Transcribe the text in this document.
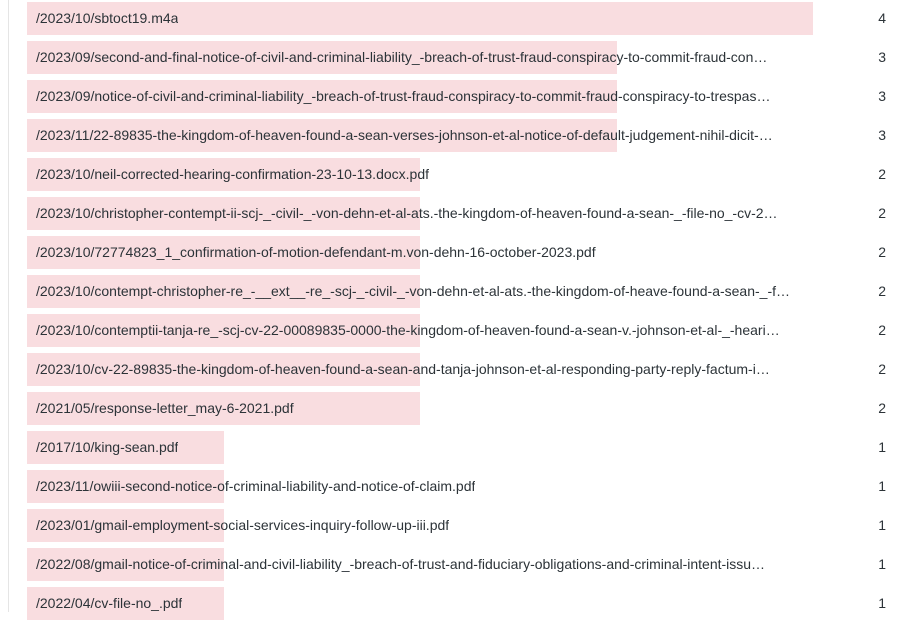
/2023/10/sbtoct19.m4a	4
/2023/09/second-and-final-notice-of-civil-and-criminal-liability_-breach-of-trust-fraud-conspiracy-to-commit-fraud-con…	3
/2023/09/notice-of-civil-and-criminal-liability_-breach-of-trust-fraud-conspiracy-to-commit-fraud-conspiracy-to-trespas…	3
/2023/11/22-89835-the-kingdom-of-heaven-found-a-sean-verses-johnson-et-al-notice-of-default-judgement-nihil-dicit-…	3
/2023/10/neil-corrected-hearing-confirmation-23-10-13.docx.pdf	2
/2023/10/christopher-contempt-ii-scj-_-civil-_-von-dehn-et-al-ats.-the-kingdom-of-heaven-found-a-sean-_-file-no_-cv-2…	2
/2023/10/72774823_1_confirmation-of-motion-defendant-m.von-dehn-16-october-2023.pdf	2
/2023/10/contempt-christopher-re_-__ext__-re_-scj-_-civil-_-von-dehn-et-al-ats.-the-kingdom-of-heave-found-a-sean-_-f…	2
/2023/10/contemptii-tanja-re_-scj-cv-22-00089835-0000-the-kingdom-of-heaven-found-a-sean-v.-johnson-et-al-_-heari…	2
/2023/10/cv-22-89835-the-kingdom-of-heaven-found-a-sean-and-tanja-johnson-et-al-responding-party-reply-factum-i…	2
/2021/05/response-letter_may-6-2021.pdf	2
/2017/10/king-sean.pdf	1
/2023/11/owiii-second-notice-of-criminal-liability-and-notice-of-claim.pdf	1
/2023/01/gmail-employment-social-services-inquiry-follow-up-iii.pdf	1
/2022/08/gmail-notice-of-criminal-and-civil-liability_-breach-of-trust-and-fiduciary-obligations-and-criminal-intent-issu…	1
/2022/04/cv-file-no_.pdf	1
